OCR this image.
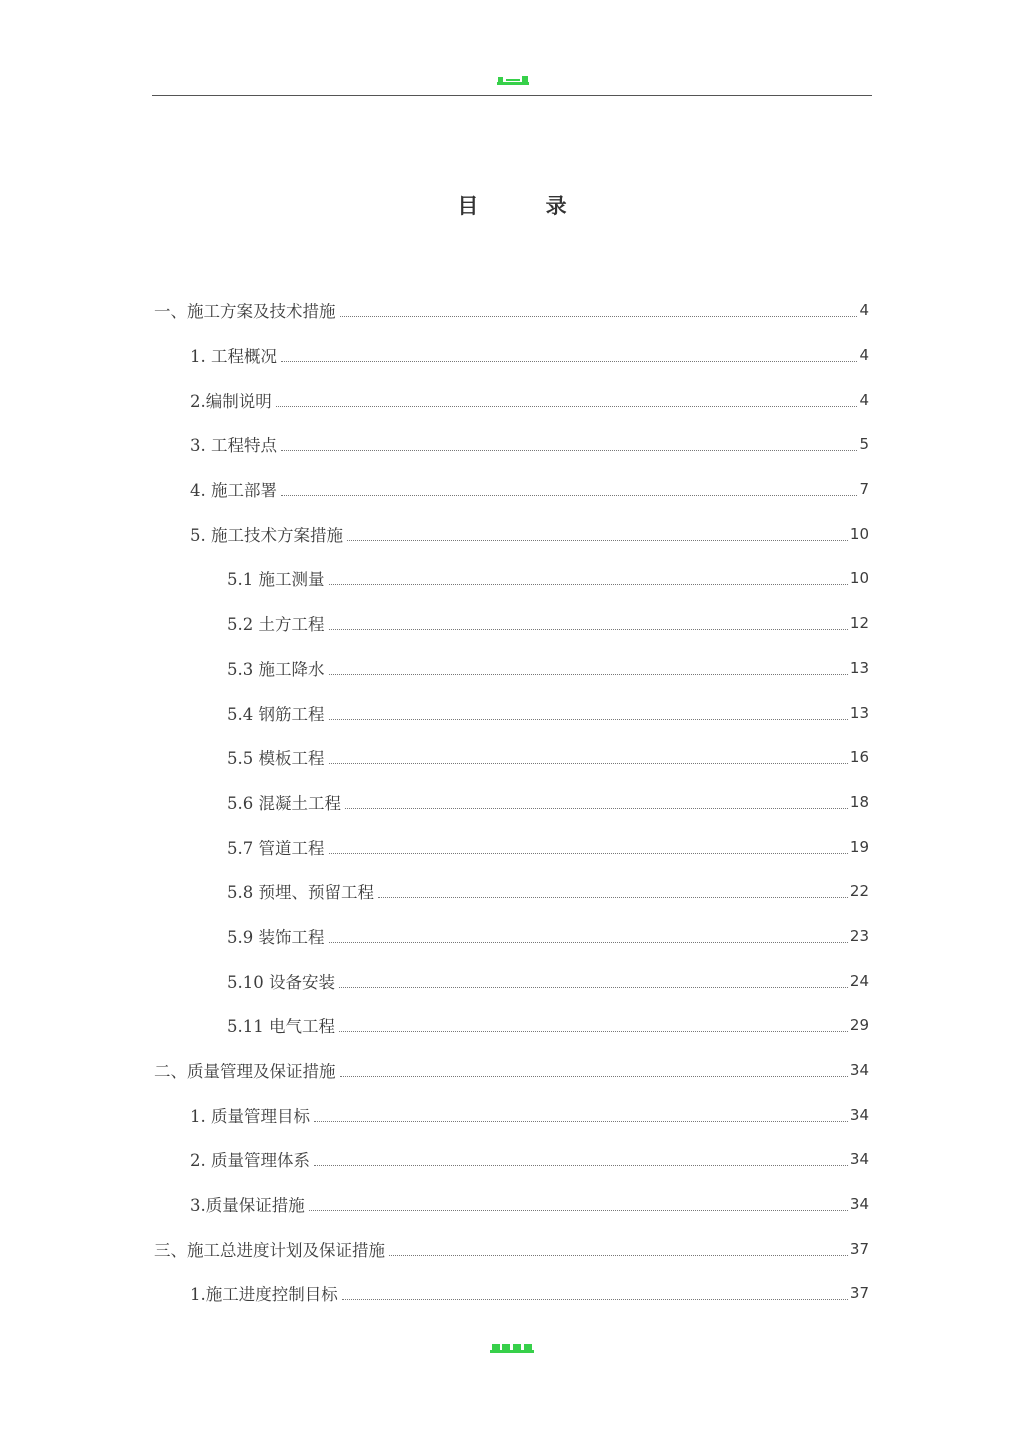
目　录
一、施工方案及技术措施	4
1. 工程概况	4
2.编制说明	4
3. 工程特点	5
4. 施工部署	7
5. 施工技术方案措施	10
5.1 施工测量	10
5.2 土方工程	12
5.3 施工降水	13
5.4 钢筋工程	13
5.5 模板工程	16
5.6 混凝土工程	18
5.7 管道工程	19
5.8 预埋、预留工程	22
5.9 装饰工程	23
5.10 设备安装	24
5.11 电气工程	29
二、质量管理及保证措施	34
1. 质量管理目标	34
2. 质量管理体系	34
3.质量保证措施	34
三、施工总进度计划及保证措施	37
1.施工进度控制目标	37
